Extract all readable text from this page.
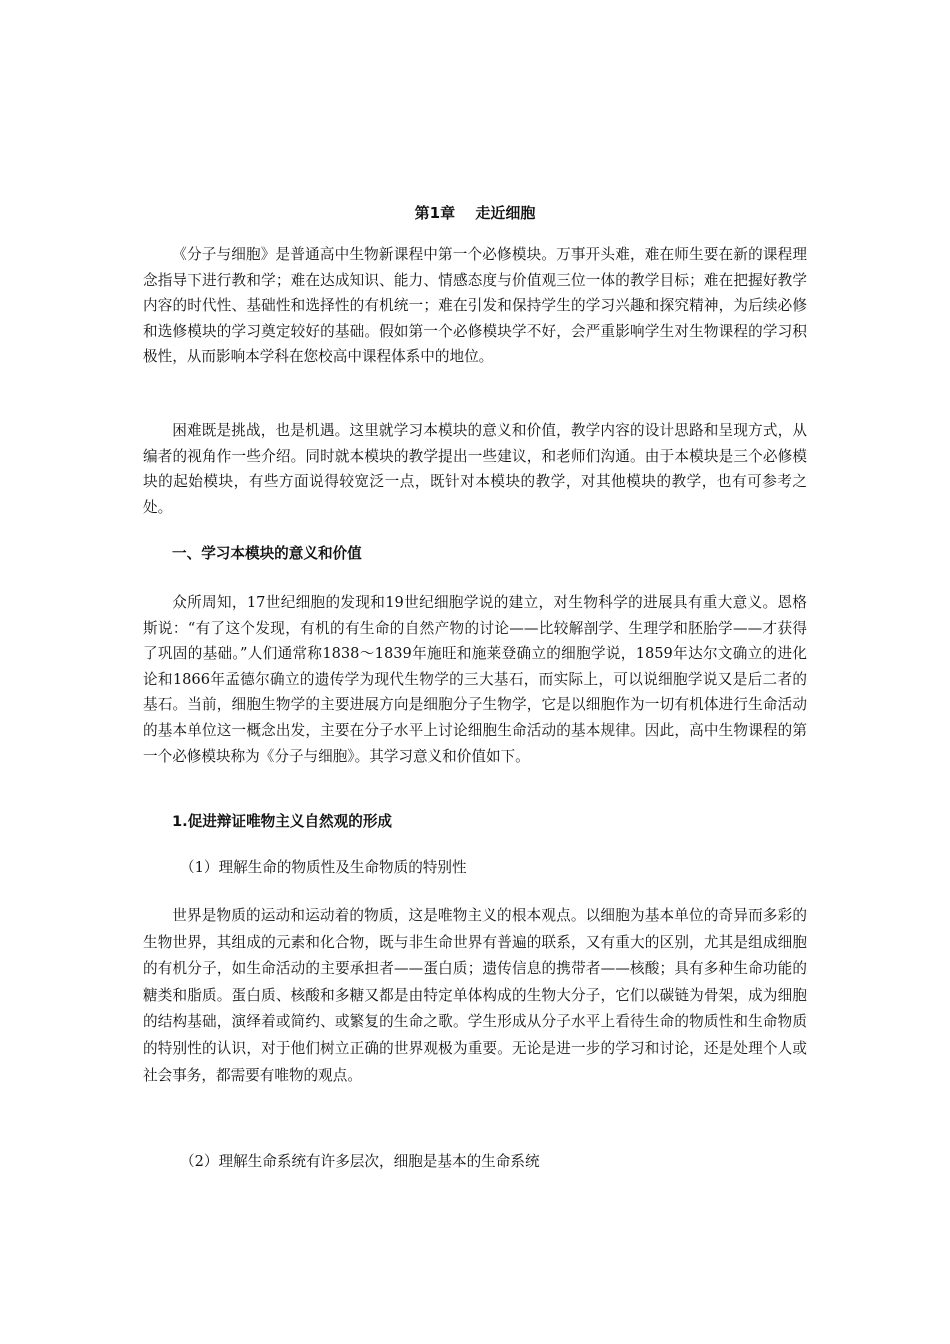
第1章　 走近细胞

《分子与细胞》是普通高中生物新课程中第一个必修模块。万事开头难，难在师生要在新的课程理念指导下进行教和学；难在达成知识、能力、情感态度与价值观三位一体的教学目标；难在把握好教学内容的时代性、基础性和选择性的有机统一；难在引发和保持学生的学习兴趣和探究精神，为后续必修和选修模块的学习奠定较好的基础。假如第一个必修模块学不好，会严重影响学生对生物课程的学习积极性，从而影响本学科在您校高中课程体系中的地位。

困难既是挑战，也是机遇。这里就学习本模块的意义和价值，教学内容的设计思路和呈现方式，从编者的视角作一些介绍。同时就本模块的教学提出一些建议，和老师们沟通。由于本模块是三个必修模块的起始模块，有些方面说得较宽泛一点，既针对本模块的教学，对其他模块的教学，也有可参考之处。

一、学习本模块的意义和价值

众所周知，17世纪细胞的发现和19世纪细胞学说的建立，对生物科学的进展具有重大意义。恩格斯说：“有了这个发现，有机的有生命的自然产物的讨论——比较解剖学、生理学和胚胎学——才获得了巩固的基础。”人们通常称1838～1839年施旺和施莱登确立的细胞学说，1859年达尔文确立的进化论和1866年孟德尔确立的遗传学为现代生物学的三大基石，而实际上，可以说细胞学说又是后二者的基石。当前，细胞生物学的主要进展方向是细胞分子生物学，它是以细胞作为一切有机体进行生命活动的基本单位这一概念出发，主要在分子水平上讨论细胞生命活动的基本规律。因此，高中生物课程的第一个必修模块称为《分子与细胞》。其学习意义和价值如下。

1.促进辩证唯物主义自然观的形成

（1）理解生命的物质性及生命物质的特别性

世界是物质的运动和运动着的物质，这是唯物主义的根本观点。以细胞为基本单位的奇异而多彩的生物世界，其组成的元素和化合物，既与非生命世界有普遍的联系，又有重大的区别，尤其是组成细胞的有机分子，如生命活动的主要承担者——蛋白质；遗传信息的携带者——核酸；具有多种生命功能的糖类和脂质。蛋白质、核酸和多糖又都是由特定单体构成的生物大分子，它们以碳链为骨架，成为细胞的结构基础，演绎着或简约、或繁复的生命之歌。学生形成从分子水平上看待生命的物质性和生命物质的特别性的认识，对于他们树立正确的世界观极为重要。无论是进一步的学习和讨论，还是处理个人或社会事务，都需要有唯物的观点。

（2）理解生命系统有许多层次，细胞是基本的生命系统
